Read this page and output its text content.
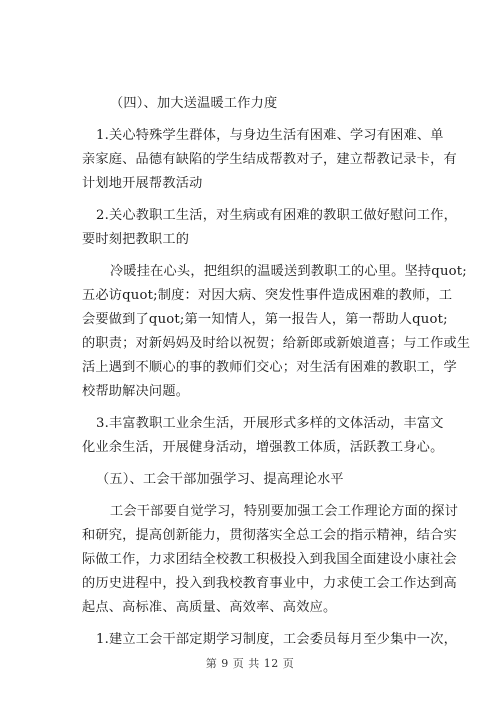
（四）、加大送温暖工作力度
1.关心特殊学生群体，与身边生活有困难、学习有困难、单
亲家庭、品德有缺陷的学生结成帮教对子，建立帮教记录卡，有
计划地开展帮教活动
2.关心教职工生活，对生病或有困难的教职工做好慰问工作，
要时刻把教职工的
冷暖挂在心头，把组织的温暖送到教职工的心里。坚持quot;
五必访quot;制度：对因大病、突发性事件造成困难的教师，工
会要做到了quot;第一知情人，第一报告人，第一帮助人quot;
的职责；对新妈妈及时给以祝贺；给新郎或新娘道喜；与工作或生
活上遇到不顺心的事的教师们交心；对生活有困难的教职工，学
校帮助解决问题。
3.丰富教职工业余生活，开展形式多样的文体活动，丰富文
化业余生活，开展健身活动，增强教工体质，活跃教工身心。
（五）、工会干部加强学习、提高理论水平
工会干部要自觉学习，特别要加强工会工作理论方面的探讨
和研究，提高创新能力，贯彻落实全总工会的指示精神，结合实
际做工作，力求团结全校教工积极投入到我国全面建设小康社会
的历史进程中，投入到我校教育事业中，力求使工会工作达到高
起点、高标准、高质量、高效率、高效应。
1.建立工会干部定期学习制度，工会委员每月至少集中一次，
第 9 页 共 12 页
